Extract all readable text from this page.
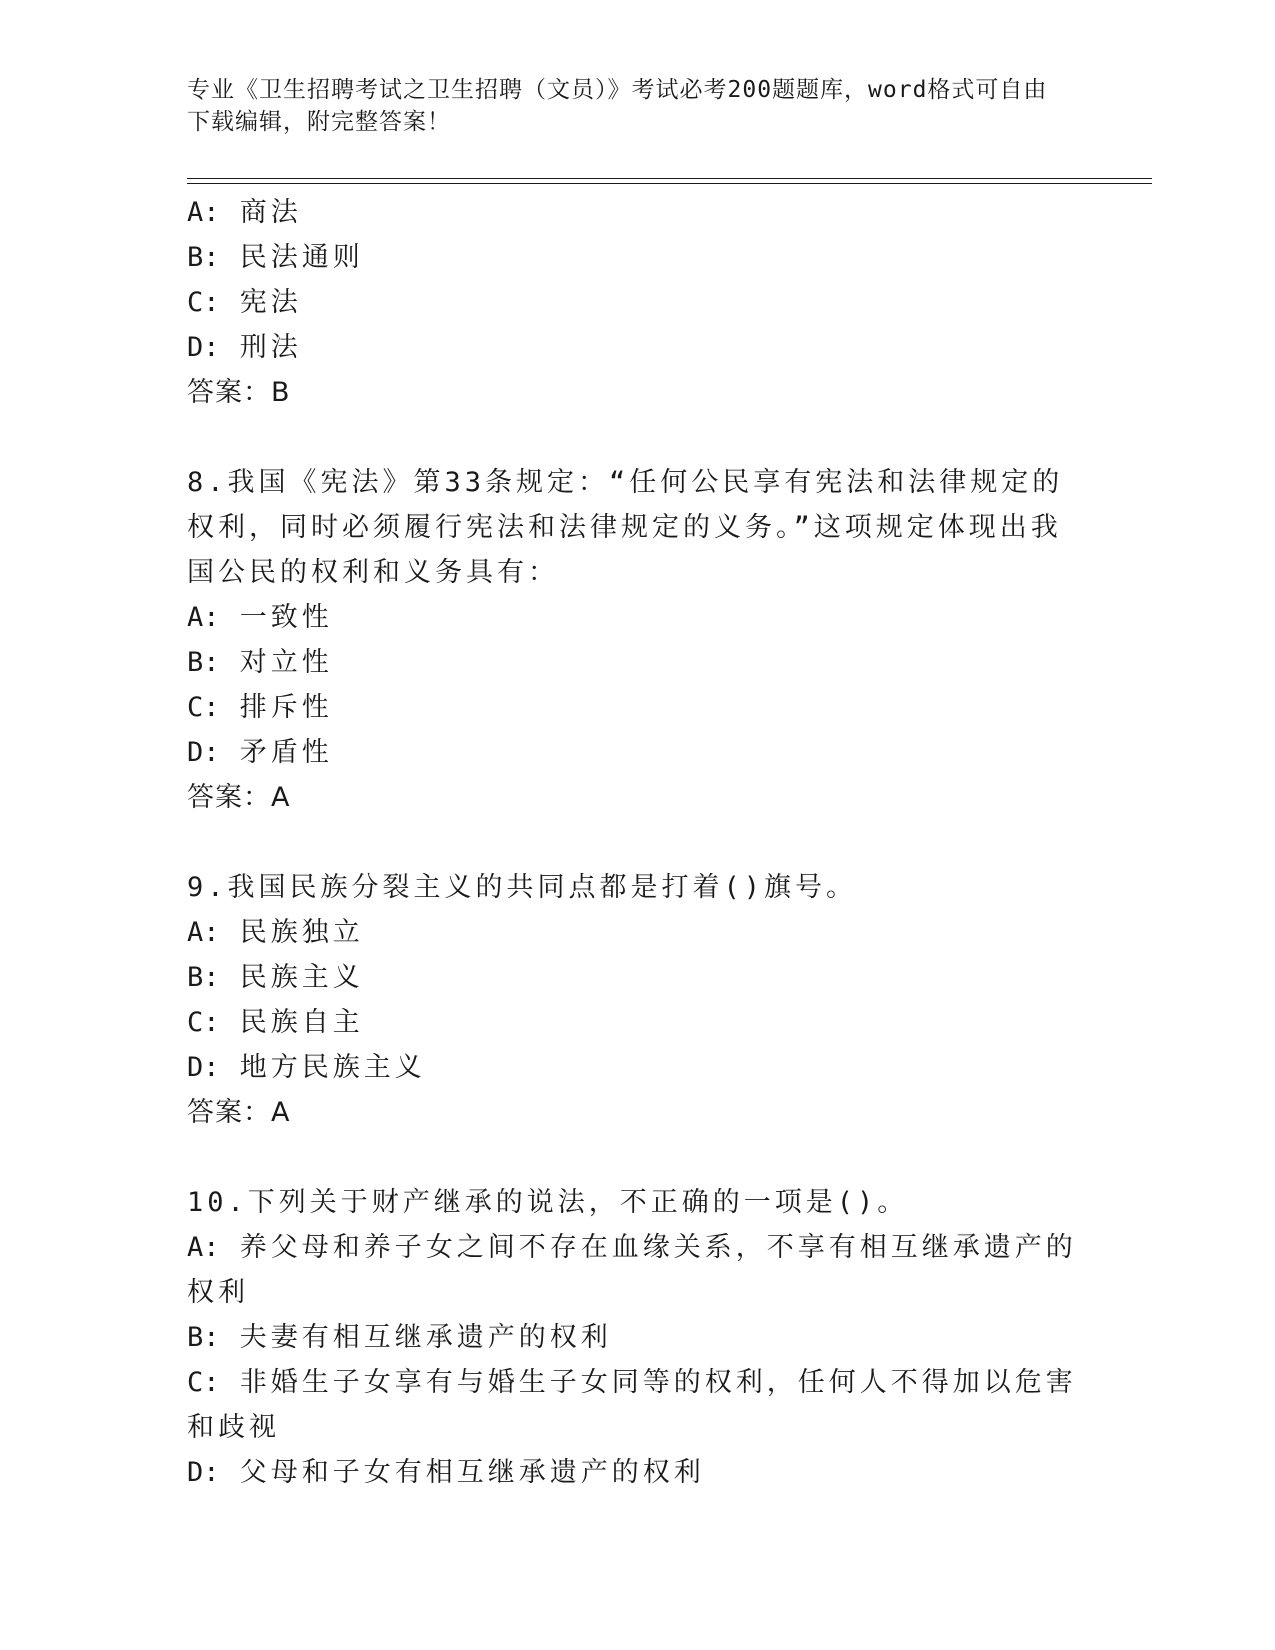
专业《卫生招聘考试之卫生招聘（文员）》考试必考200题题库，word格式可自由下载编辑，附完整答案！

A: 商法

B: 民法通则

C: 宪法

D: 刑法

答案：B

8.我国《宪法》第33条规定：“任何公民享有宪法和法律规定的权利，同时必须履行宪法和法律规定的义务。”这项规定体现出我国公民的权利和义务具有：

A: 一致性

B: 对立性

C: 排斥性

D: 矛盾性

答案：A

9.我国民族分裂主义的共同点都是打着()旗号。

A: 民族独立

B: 民族主义

C: 民族自主

D: 地方民族主义

答案：A

10.下列关于财产继承的说法，不正确的一项是()。

A: 养父母和养子女之间不存在血缘关系，不享有相互继承遗产的权利

B: 夫妻有相互继承遗产的权利

C: 非婚生子女享有与婚生子女同等的权利，任何人不得加以危害和歧视

D: 父母和子女有相互继承遗产的权利
